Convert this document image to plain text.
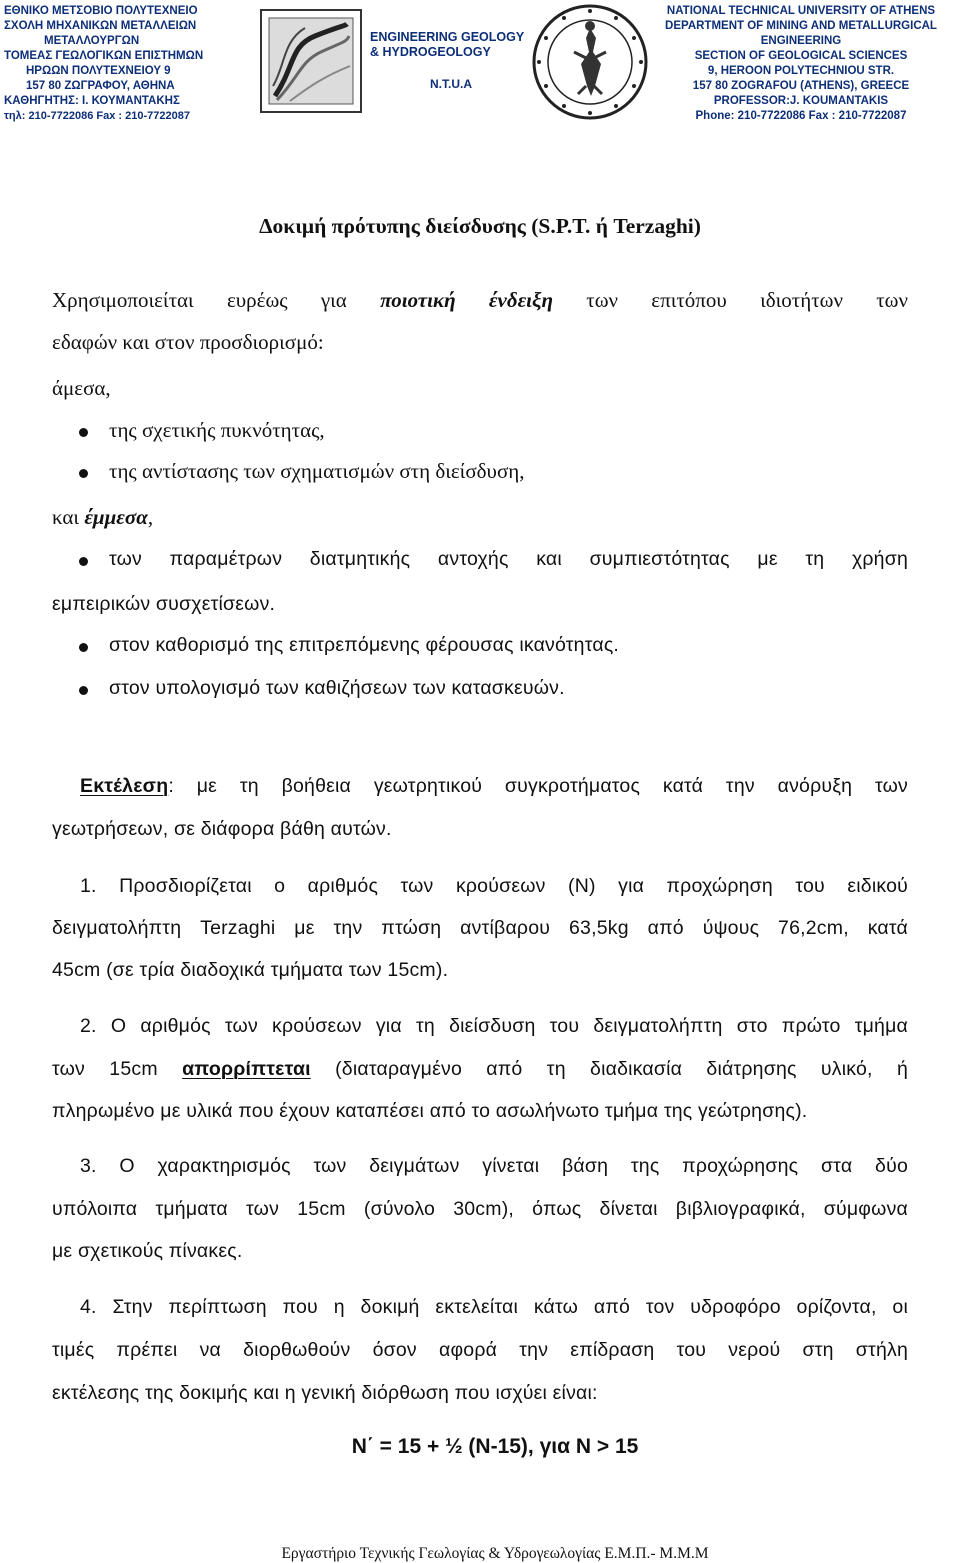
ΕΘΝΙΚΟ ΜΕΤΣΟΒΙΟ ΠΟΛΥΤΕΧΝΕΙΟ
ΣΧΟΛΗ ΜΗΧΑΝΙΚΩΝ ΜΕΤΑΛΛΕΙΩΝ
ΜΕΤΑΛΛΟΥΡΓΩΝ
ΤΟΜΕΑΣ ΓΕΩΛΟΓΙΚΩΝ ΕΠΙΣΤΗΜΩΝ
ΗΡΩΩΝ ΠΟΛΥΤΕΧΝΕΙΟΥ 9
157 80 ΖΩΓΡΑΦΟΥ, ΑΘΗΝΑ
ΚΑΘΗΓΗΤΗΣ: Ι. ΚΟΥΜΑΝΤΑΚΗΣ
τηλ: 210-7722086 Fax : 210-7722087
ENGINEERING GEOLOGY
& HYDROGEOLOGY
N.T.U.A
NATIONAL TECHNICAL UNIVERSITY OF ATHENS
DEPARTMENT OF MINING AND METALLURGICAL
ENGINEERING
SECTION OF GEOLOGICAL SCIENCES
9, HEROON POLYTECHNIOU STR.
157 80 ZOGRAFOU (ATHENS), GREECE
PROFESSOR:J. KOUMANTAKIS
Phone: 210-7722086 Fax : 210-7722087
Δοκιμή πρότυπης διείσδυσης (S.P.T. ή Terzaghi)
Χρησιμοποιείται ευρέως για ποιοτική ένδειξη των επιτόπου ιδιοτήτων των
εδαφών και στον προσδιορισμό:
άμεσα,
της σχετικής πυκνότητας,
της αντίστασης των σχηματισμών στη διείσδυση,
και έμμεσα,
των παραμέτρων διατμητικής αντοχής και συμπιεστότητας με τη χρήση
εμπειρικών συσχετίσεων.
στον καθορισμό της επιτρεπόμενης φέρουσας ικανότητας.
στον υπολογισμό των καθιζήσεων των κατασκευών.
Εκτέλεση: με τη βοήθεια γεωτρητικού συγκροτήματος κατά την ανόρυξη των
γεωτρήσεων, σε διάφορα βάθη αυτών.
1. Προσδιορίζεται ο αριθμός των κρούσεων (Ν) για προχώρηση του ειδικού
δειγματολήπτη Terzaghi με την πτώση αντίβαρου 63,5kg από ύψους 76,2cm, κατά
45cm (σε τρία διαδοχικά τμήματα των 15cm).
2. Ο αριθμός των κρούσεων για τη διείσδυση του δειγματολήπτη στο πρώτο τμήμα
των 15cm απορρίπτεται (διαταραγμένο από τη διαδικασία διάτρησης υλικό, ή
πληρωμένο με υλικά που έχουν καταπέσει από το ασωλήνωτο τμήμα της γεώτρησης).
3. Ο χαρακτηρισμός των δειγμάτων γίνεται βάση της προχώρησης στα δύο
υπόλοιπα τμήματα των 15cm (σύνολο 30cm), όπως δίνεται βιβλιογραφικά, σύμφωνα
με σχετικούς πίνακες.
4. Στην περίπτωση που η δοκιμή εκτελείται κάτω από τον υδροφόρο ορίζοντα, οι
τιμές πρέπει να διορθωθούν όσον αφορά την επίδραση του νερού στη στήλη
εκτέλεσης της δοκιμής και η γενική διόρθωση που ισχύει είναι:
N΄ = 15 + ½ (N-15), για N > 15
Εργαστήριο Τεχνικής Γεωλογίας & Υδρογεωλογίας Ε.Μ.Π.- Μ.Μ.Μ
